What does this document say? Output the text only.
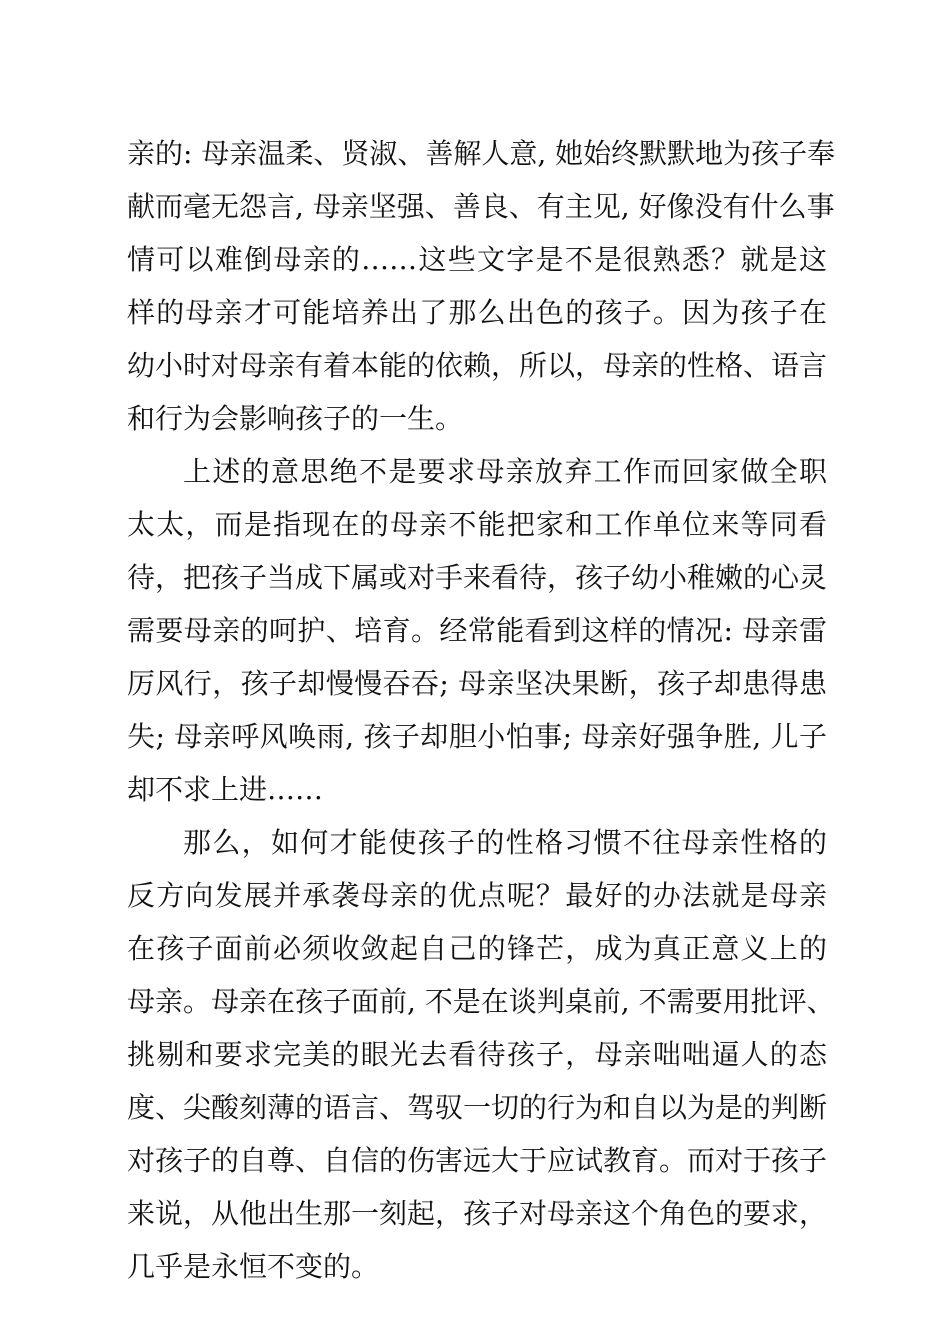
亲的: 母亲温柔、贤淑、善解人意, 她始终默默地为孩子奉
献而毫无怨言, 母亲坚强、善良、有主见, 好像没有什么事
情可以难倒母亲的……这些文字是不是很熟悉？就是这
样的母亲才可能培养出了那么出色的孩子。因为孩子在
幼小时对母亲有着本能的依赖，所以，母亲的性格、语言
和行为会影响孩子的一生。
上述的意思绝不是要求母亲放弃工作而回家做全职
太太，而是指现在的母亲不能把家和工作单位来等同看
待，把孩子当成下属或对手来看待，孩子幼小稚嫩的心灵
需要母亲的呵护、培育。经常能看到这样的情况: 母亲雷
厉风行，孩子却慢慢吞吞; 母亲坚决果断，孩子却患得患
失; 母亲呼风唤雨, 孩子却胆小怕事; 母亲好强争胜, 儿子
却不求上进……
那么，如何才能使孩子的性格习惯不往母亲性格的
反方向发展并承袭母亲的优点呢？最好的办法就是母亲
在孩子面前必须收敛起自己的锋芒，成为真正意义上的
母亲。母亲在孩子面前, 不是在谈判桌前, 不需要用批评、
挑剔和要求完美的眼光去看待孩子，母亲咄咄逼人的态
度、尖酸刻薄的语言、驾驭一切的行为和自以为是的判断
对孩子的自尊、自信的伤害远大于应试教育。而对于孩子
来说，从他出生那一刻起，孩子对母亲这个角色的要求，
几乎是永恒不变的。
